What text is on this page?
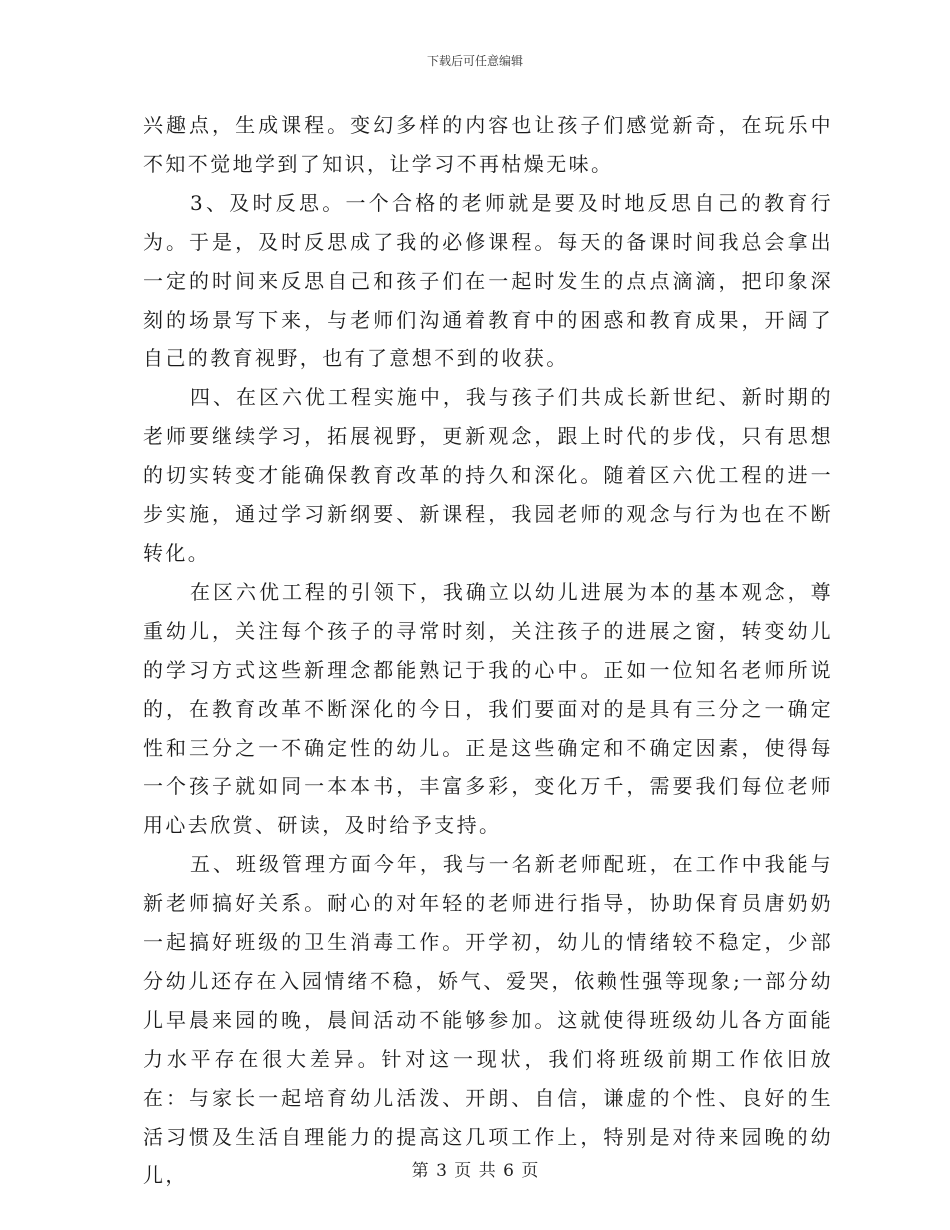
下载后可任意编辑

兴趣点，生成课程。变幻多样的内容也让孩子们感觉新奇，在玩乐中不知不觉地学到了知识，让学习不再枯燥无味。

3、及时反思。一个合格的老师就是要及时地反思自己的教育行为。于是，及时反思成了我的必修课程。每天的备课时间我总会拿出一定的时间来反思自己和孩子们在一起时发生的点点滴滴，把印象深刻的场景写下来，与老师们沟通着教育中的困惑和教育成果，开阔了自己的教育视野，也有了意想不到的收获。

四、在区六优工程实施中，我与孩子们共成长新世纪、新时期的老师要继续学习，拓展视野，更新观念，跟上时代的步伐，只有思想的切实转变才能确保教育改革的持久和深化。随着区六优工程的进一步实施，通过学习新纲要、新课程，我园老师的观念与行为也在不断转化。

在区六优工程的引领下，我确立以幼儿进展为本的基本观念，尊重幼儿，关注每个孩子的寻常时刻，关注孩子的进展之窗，转变幼儿的学习方式这些新理念都能熟记于我的心中。正如一位知名老师所说的，在教育改革不断深化的今日，我们要面对的是具有三分之一确定性和三分之一不确定性的幼儿。正是这些确定和不确定因素，使得每一个孩子就如同一本本书，丰富多彩，变化万千，需要我们每位老师用心去欣赏、研读，及时给予支持。

五、班级管理方面今年，我与一名新老师配班，在工作中我能与新老师搞好关系。耐心的对年轻的老师进行指导，协助保育员唐奶奶一起搞好班级的卫生消毒工作。开学初，幼儿的情绪较不稳定，少部分幼儿还存在入园情绪不稳，娇气、爱哭，依赖性强等现象;一部分幼儿早晨来园的晚，晨间活动不能够参加。这就使得班级幼儿各方面能力水平存在很大差异。针对这一现状，我们将班级前期工作依旧放在：与家长一起培育幼儿活泼、开朗、自信，谦虚的个性、良好的生活习惯及生活自理能力的提高这几项工作上，特别是对待来园晚的幼儿，	第 3 页 共 6 页
